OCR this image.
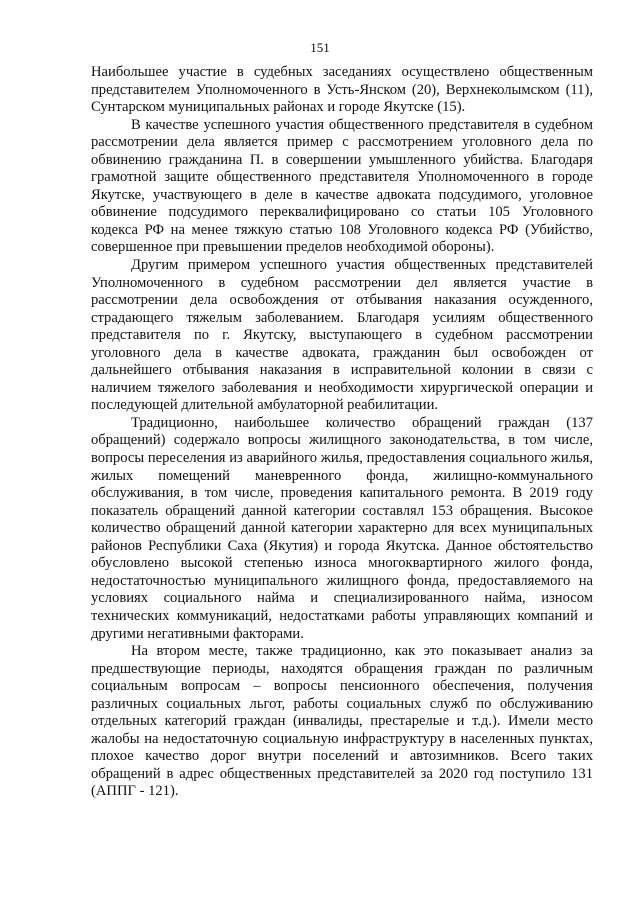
151

Наибольшее участие в судебных заседаниях осуществлено общественным представителем Уполномоченного в Усть-Янском (20), Верхнеколымском (11), Сунтарском муниципальных районах и городе Якутске (15).

В качестве успешного участия общественного представителя в судебном рассмотрении дела является пример с рассмотрением уголовного дела по обвинению гражданина П. в совершении умышленного убийства. Благодаря грамотной защите общественного представителя Уполномоченного в городе Якутске, участвующего в деле в качестве адвоката подсудимого, уголовное обвинение подсудимого переквалифицировано со статьи 105 Уголовного кодекса РФ на менее тяжкую статью 108 Уголовного кодекса РФ (Убийство, совершенное при превышении пределов необходимой обороны).

Другим примером успешного участия общественных представителей Уполномоченного в судебном рассмотрении дел является участие в рассмотрении дела освобождения от отбывания наказания осужденного, страдающего тяжелым заболеванием. Благодаря усилиям общественного представителя по г. Якутску, выступающего в судебном рассмотрении уголовного дела в качестве адвоката, гражданин был освобожден от дальнейшего отбывания наказания в исправительной колонии в связи с наличием тяжелого заболевания и необходимости хирургической операции и последующей длительной амбулаторной реабилитации.

Традиционно, наибольшее количество обращений граждан (137 обращений) содержало вопросы жилищного законодательства, в том числе, вопросы переселения из аварийного жилья, предоставления социального жилья, жилых помещений маневренного фонда, жилищно-коммунального обслуживания, в том числе, проведения капитального ремонта. В 2019 году показатель обращений данной категории составлял 153 обращения. Высокое количество обращений данной категории характерно для всех муниципальных районов Республики Саха (Якутия) и города Якутска. Данное обстоятельство обусловлено высокой степенью износа многоквартирного жилого фонда, недостаточностью муниципального жилищного фонда, предоставляемого на условиях социального найма и специализированного найма, износом технических коммуникаций, недостатками работы управляющих компаний и другими негативными факторами.

На втором месте, также традиционно, как это показывает анализ за предшествующие периоды, находятся обращения граждан по различным социальным вопросам – вопросы пенсионного обеспечения, получения различных социальных льгот, работы социальных служб по обслуживанию отдельных категорий граждан (инвалиды, престарелые и т.д.). Имели место жалобы на недостаточную социальную инфраструктуру в населенных пунктах, плохое качество дорог внутри поселений и автозимников. Всего таких обращений в адрес общественных представителей за 2020 год поступило 131 (АППГ - 121).
